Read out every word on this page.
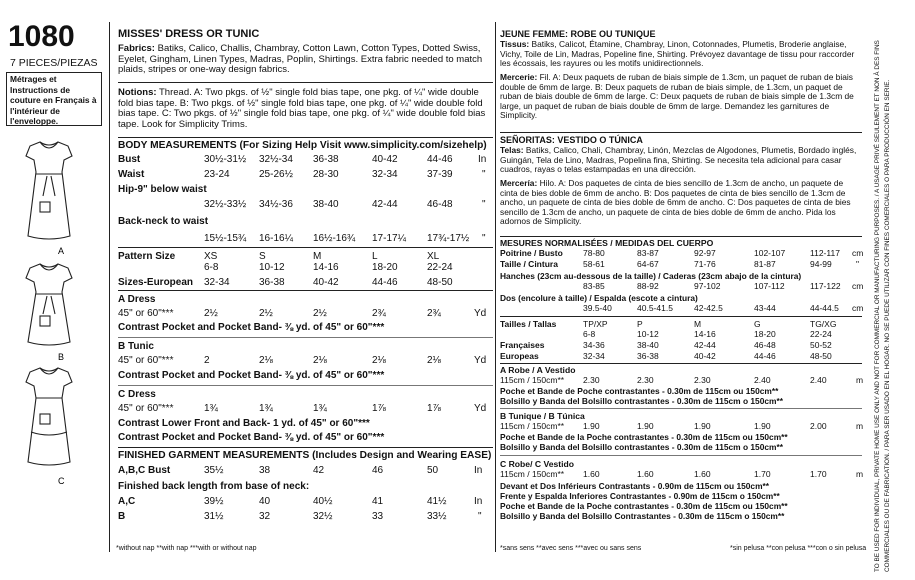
1080
7 PIECES/PIEZAS
Métrages et Instructions de couture en Français à l'intérieur de l'enveloppe.
A
B
C
MISSES' DRESS OR TUNIC
Fabrics: Batiks, Calico, Challis, Chambray, Cotton Lawn, Cotton Types, Dotted Swiss, Eyelet, Gingham, Linen Types, Madras, Poplin, Shirtings. Extra fabric needed to match plaids, stripes or one-way design fabrics.
Notions: Thread. A: Two pkgs. of ½" single fold bias tape, one pkg. of ¼" wide double fold bias tape. B: Two pkgs. of ½" single fold bias tape, one pkg. of ¼" wide double fold bias tape. C: Two pkgs. of ½" single fold bias tape, one pkg. of ¼" wide double fold bias tape. Look for Simplicity Trims.
BODY MEASUREMENTS (For Sizing Help Visit www.simplicity.com/sizehelp)
Bust	30½-31½ 32½-34 36-38	40-42	44-46	In
Waist	23-24	25-26½ 28-30	32-34	37-39	"
Hip-9" below waist
32½-33½ 34½-36 38-40	42-44	46-48	"
Back-neck to waist
15½-15¾ 16-16¼ 16½-16¾ 17-17¼ 17¾-17½ "
Pattern Size	XS	S	M	L	XL
6-8	10-12	14-16	18-20	22-24
Sizes-European 32-34	36-38	40-42	44-46	48-50
A Dress
45" or 60"***	2½	2½	2½	2¾	2¾	Yd
Contrast Pocket and Pocket Band- ⅜ yd. of 45" or 60"***
B Tunic
45" or 60"***	2	2⅛	2⅛	2⅛	2⅛	Yd
Contrast Pocket and Pocket Band- ⅜ yd. of 45" or 60"***
C Dress
45" or 60"***	1¾	1¾	1¾	1⅞	1⅞	Yd
Contrast Lower Front and Back- 1 yd. of 45" or 60"***
Contrast Pocket and Pocket Band- ⅜ yd. of 45" or 60"***
FINISHED GARMENT MEASUREMENTS (Includes Design and Wearing EASE)
A,B,C Bust	35½	38	42	46	50	In
Finished back length from base of neck:
A,C	39½	40	40½	41	41½	In
B	31½	32	32½	33	33½	"
*without nap **with nap ***with or without nap
JEUNE FEMME: ROBE OU TUNIQUE
Tissus: Batiks, Calicot, Étamine, Chambray, Linon, Cotonnades, Plumetis, Broderie anglaise, Vichy, Toile de Lin, Madras, Popeline fine, Shirting. Prévoyez davantage de tissu pour raccorder les écossais, les rayures ou les motifs unidirectionnels.
Mercerie: Fil. A: Deux paquets de ruban de biais simple de 1.3cm, un paquet de ruban de biais double de 6mm de large. B: Deux paquets de ruban de biais simple, de 1.3cm, un paquet de ruban de biais double de 6mm de large. C: Deux paquets de ruban de biais simple de 1.3cm de large, un paquet de ruban de biais double de 6mm de large. Demandez les garnitures de Simplicity.
SEÑORITAS: VESTIDO O TÚNICA
Telas: Batiks, Calico, Chali, Chambray, Linón, Mezclas de Algodones, Plumetis, Bordado inglés, Guingán, Tela de Lino, Madras, Popelina fina, Shirting. Se necesita tela adicional para casar cuadros, rayas o telas estampadas en una dirección.
Mercería: Hilo. A: Dos paquetes de cinta de bies sencillo de 1.3cm de ancho, un paquete de cinta de bies doble de 6mm de ancho. B: Dos paquetes de cinta de bies sencillo de 1.3cm de ancho, un paquete de cinta de bies doble de 6mm de ancho. C: Dos paquetes de cinta de bies sencillo de 1.3cm de ancho, un paquete de cinta de bies doble de 6mm de ancho. Pida los adornos de Simplicity.
MESURES NORMALISÉES / MEDIDAS DEL CUERPO
Poitrine / Busto 78-80	83-87	92-97	102-107	112-117 cm
Taille / Cintura	58-61	64-67	71-76	81-87	94-99	"
Hanches (23cm au-dessous de la taille) / Caderas (23cm abajo de la cintura)
83-85	88-92	97-102	107-112	117-122 cm
Dos (encolure à taille) / Espalda (escote a cintura)
39.5-40	40.5-41.5 42-42.5	43-44	44-44.5 cm
Tailles / Tallas	TP/XP	P	M	G	TG/XG
6-8	10-12	14-16	18-20	22-24
Françaises	34-36	38-40	42-44	46-48	50-52
Europeas	32-34	36-38	40-42	44-46	48-50
A Robe / A Vestido
115cm / 150cm** 2.30	2.30	2.30	2.40	2.40	m
Poche et Bande de Poche contrastantes - 0.30m de 115cm ou 150cm**
Bolsillo y Banda del Bolsillo contrastantes - 0.30m de 115cm o 150cm**
B Tunique / B Túnica
115cm / 150cm** 1.90	1.90	1.90	1.90	2.00	m
Poche et Bande de la Poche contrastantes - 0.30m de 115cm ou 150cm**
Bolsillo y Banda del Bolsillo contrastantes - 0.30m de 115cm o 150cm**
C Robe/ C Vestido
115cm / 150cm** 1.60	1.60	1.60	1.70	1.70	m
Devant et Dos Inférieurs Contrastants - 0.90m de 115cm ou 150cm**
Frente y Espalda Inferiores Contrastantes - 0.90m de 115cm o 150cm**
Poche et Bande de la Poche contrastantes - 0.30m de 115cm ou 150cm**
Bolsillo y Banda del Bolsillo Contrastantes - 0.30m de 115cm o 150cm**
*sans sens **avec sens ***avec ou sans sens	*sin pelusa **con pelusa ***con o sin pelusa TO BE USED FOR INDIVIDUAL, PRIVATE HOME USE ONLY AND NOT FOR COMMERCIAL OR MANUFACTURING PURPOSES. / A USAGE PRIVÉ SEULEMENT ET NON À DES FINS COMMERCIALES OU DE FABRICATION. / PARA SER USADO EN EL HOGAR. NO SE PUEDE UTILIZAR CON FINES COMERCIALES O PARA PRODUCCIÓN EN SERIE.
